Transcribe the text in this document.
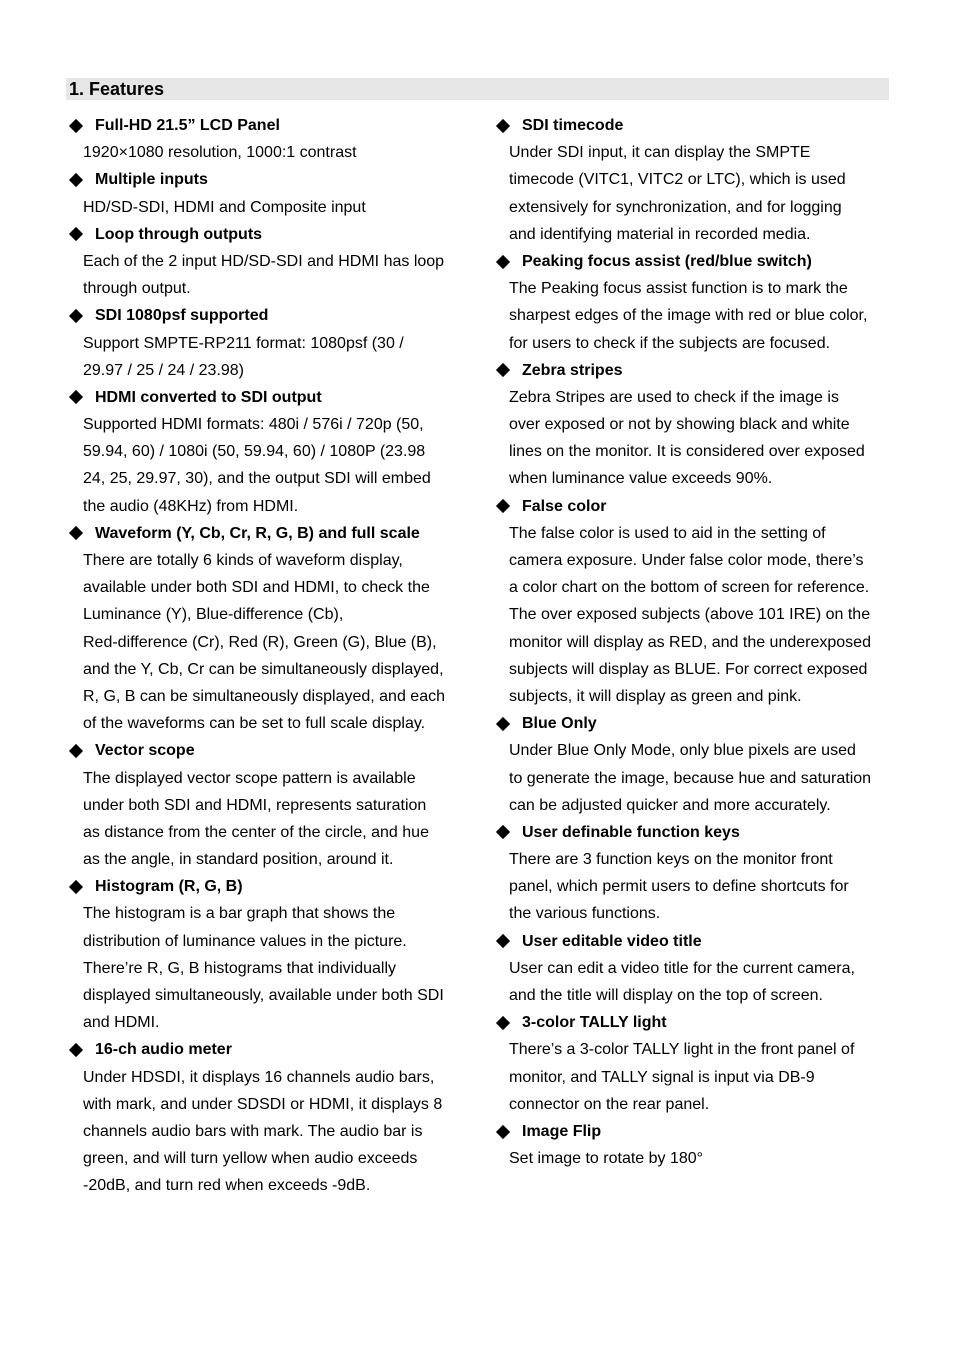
1. Features
Full-HD 21.5” LCD Panel
1920×1080 resolution, 1000:1 contrast
Multiple inputs
HD/SD-SDI, HDMI and Composite input
Loop through outputs
Each of the 2 input HD/SD-SDI and HDMI has loop
through output.
SDI 1080psf supported
Support SMPTE-RP211 format: 1080psf (30 /
29.97 / 25 / 24 / 23.98)
HDMI converted to SDI output
Supported HDMI formats: 480i / 576i / 720p (50,
59.94, 60) / 1080i (50, 59.94, 60) / 1080P (23.98
24, 25, 29.97, 30), and the output SDI will embed
the audio (48KHz) from HDMI.
Waveform (Y, Cb, Cr, R, G, B) and full scale
There are totally 6 kinds of waveform display,
available under both SDI and HDMI, to check the
Luminance (Y), Blue-difference (Cb),
Red-difference (Cr), Red (R), Green (G), Blue (B),
and the Y, Cb, Cr can be simultaneously displayed,
R, G, B can be simultaneously displayed, and each
of the waveforms can be set to full scale display.
Vector scope
The displayed vector scope pattern is available
under both SDI and HDMI, represents saturation
as distance from the center of the circle, and hue
as the angle, in standard position, around it.
Histogram (R, G, B)
The histogram is a bar graph that shows the
distribution of luminance values in the picture.
There’re R, G, B histograms that individually
displayed simultaneously, available under both SDI
and HDMI.
16-ch audio meter
Under HDSDI, it displays 16 channels audio bars,
with mark, and under SDSDI or HDMI, it displays 8
channels audio bars with mark. The audio bar is
green, and will turn yellow when audio exceeds
-20dB, and turn red when exceeds -9dB.
SDI timecode
Under SDI input, it can display the SMPTE
timecode (VITC1, VITC2 or LTC), which is used
extensively for synchronization, and for logging
and identifying material in recorded media.
Peaking focus assist (red/blue switch)
The Peaking focus assist function is to mark the
sharpest edges of the image with red or blue color,
for users to check if the subjects are focused.
Zebra stripes
Zebra Stripes are used to check if the image is
over exposed or not by showing black and white
lines on the monitor. It is considered over exposed
when luminance value exceeds 90%.
False color
The false color is used to aid in the setting of
camera exposure. Under false color mode, there’s
a color chart on the bottom of screen for reference.
The over exposed subjects (above 101 IRE) on the
monitor will display as RED, and the underexposed
subjects will display as BLUE. For correct exposed
subjects, it will display as green and pink.
Blue Only
Under Blue Only Mode, only blue pixels are used
to generate the image, because hue and saturation
can be adjusted quicker and more accurately.
User definable function keys
There are 3 function keys on the monitor front
panel, which permit users to define shortcuts for
the various functions.
User editable video title
User can edit a video title for the current camera,
and the title will display on the top of screen.
3-color TALLY light
There’s a 3-color TALLY light in the front panel of
monitor, and TALLY signal is input via DB-9
connector on the rear panel.
Image Flip
Set image to rotate by 180°
